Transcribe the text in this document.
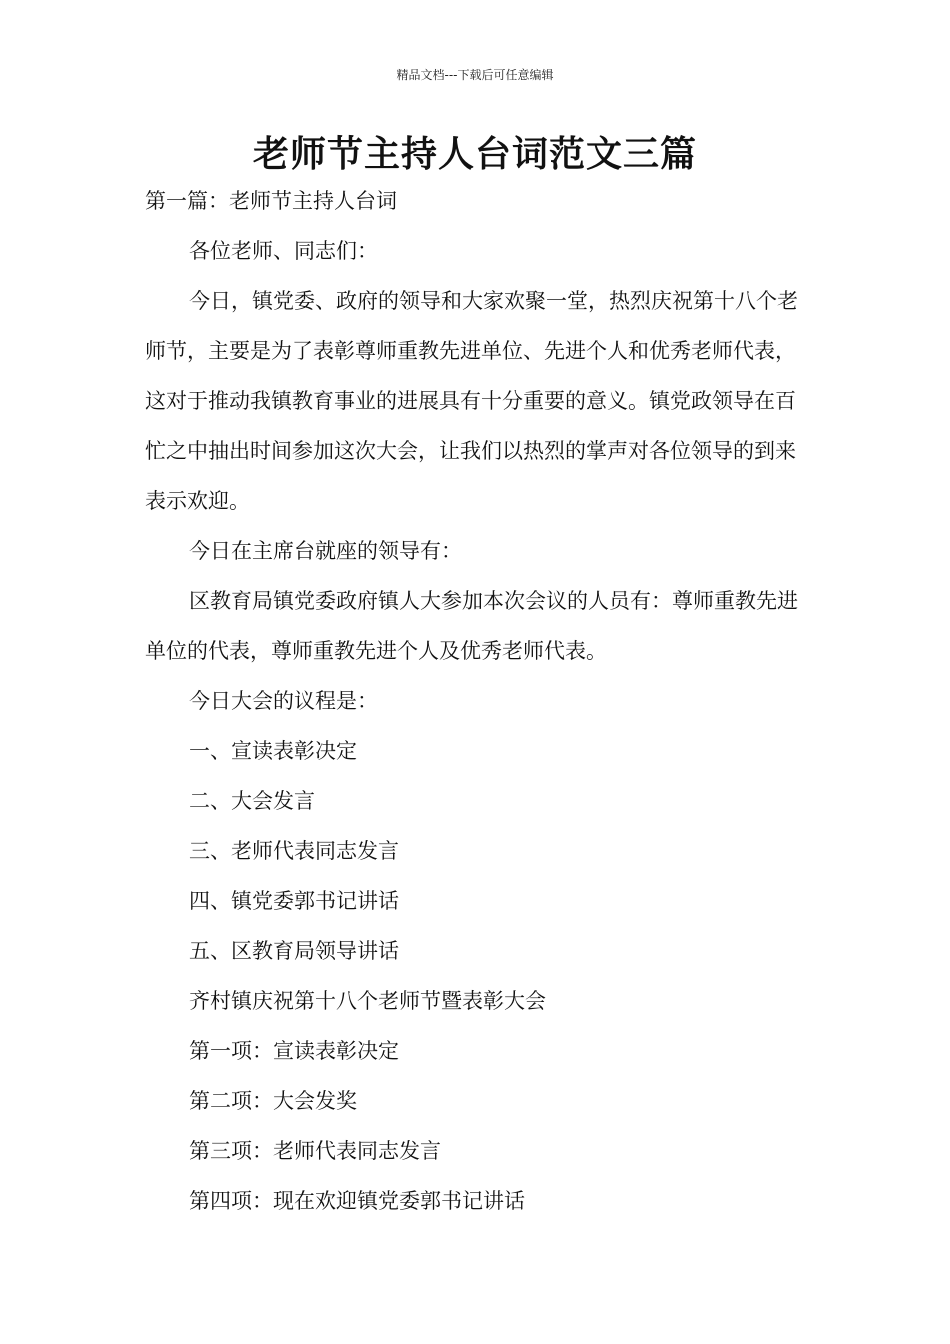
精品文档---下载后可任意编辑
老师节主持人台词范文三篇

第一篇：老师节主持人台词

各位老师、同志们：

今日，镇党委、政府的领导和大家欢聚一堂，热烈庆祝第十八个老师节，主要是为了表彰尊师重教先进单位、先进个人和优秀老师代表，这对于推动我镇教育事业的进展具有十分重要的意义。镇党政领导在百忙之中抽出时间参加这次大会，让我们以热烈的掌声对各位领导的到来表示欢迎。

今日在主席台就座的领导有：

区教育局镇党委政府镇人大参加本次会议的人员有：尊师重教先进单位的代表，尊师重教先进个人及优秀老师代表。

今日大会的议程是：

一、宣读表彰决定

二、大会发言

三、老师代表同志发言

四、镇党委郭书记讲话

五、区教育局领导讲话

齐村镇庆祝第十八个老师节暨表彰大会

第一项：宣读表彰决定

第二项：大会发奖

第三项：老师代表同志发言

第四项：现在欢迎镇党委郭书记讲话
